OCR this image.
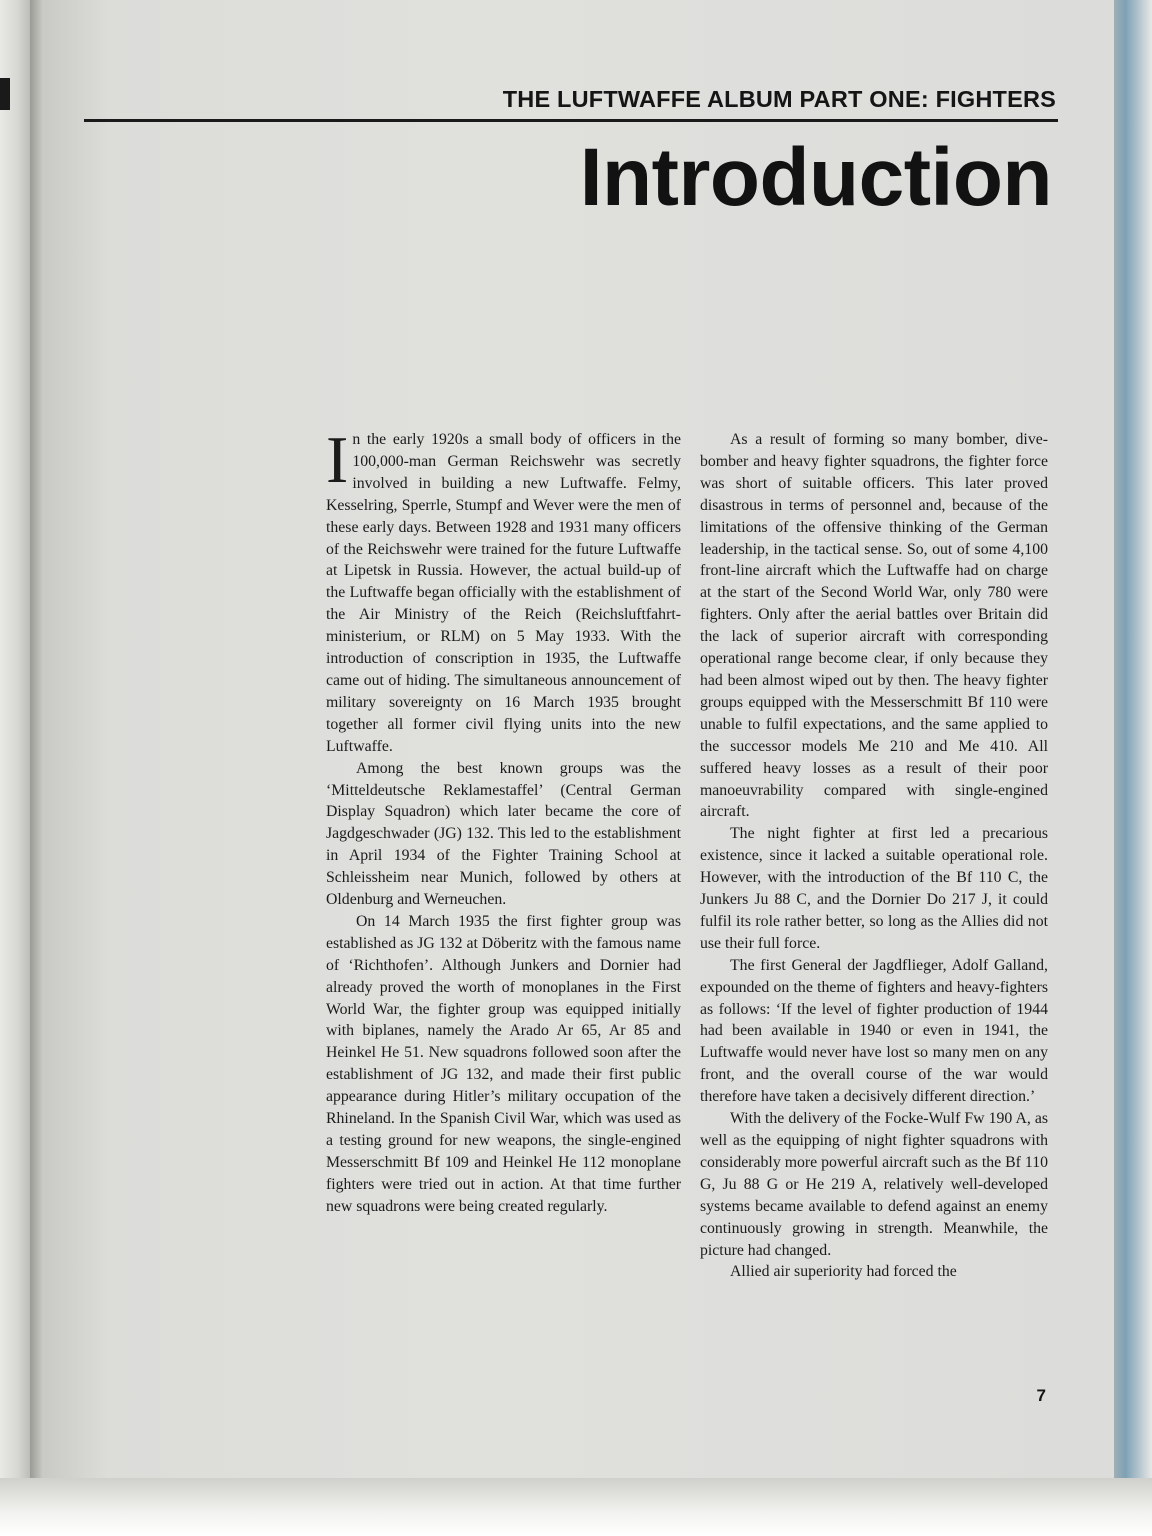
THE LUFTWAFFE ALBUM PART ONE: FIGHTERS
Introduction

In the early 1920s a small body of officers in the 100,000-man German Reichswehr was secretly involved in building a new Luftwaffe. Felmy, Kesselring, Sperrle, Stumpf and Wever were the men of these early days. Between 1928 and 1931 many officers of the Reichswehr were trained for the future Luftwaffe at Lipetsk in Russia. However, the actual build-up of the Luftwaffe began officially with the establishment of the Air Ministry of the Reich (Reichsluftfahrt-ministerium, or RLM) on 5 May 1933. With the introduction of conscription in 1935, the Luftwaffe came out of hiding. The simultaneous announcement of military sovereignty on 16 March 1935 brought together all former civil flying units into the new Luftwaffe.

Among the best known groups was the ‘Mitteldeutsche Reklamestaffel’ (Central German Display Squadron) which later became the core of Jagdgeschwader (JG) 132. This led to the establishment in April 1934 of the Fighter Training School at Schleissheim near Munich, followed by others at Oldenburg and Werneuchen.

On 14 March 1935 the first fighter group was established as JG 132 at Döberitz with the famous name of ‘Richthofen’. Although Junkers and Dornier had already proved the worth of monoplanes in the First World War, the fighter group was equipped initially with biplanes, namely the Arado Ar 65, Ar 85 and Heinkel He 51. New squadrons followed soon after the establishment of JG 132, and made their first public appearance during Hitler’s military occupation of the Rhineland. In the Spanish Civil War, which was used as a testing ground for new weapons, the single-engined Messerschmitt Bf 109 and Heinkel He 112 monoplane fighters were tried out in action. At that time further new squadrons were being created regularly.

As a result of forming so many bomber, dive-bomber and heavy fighter squadrons, the fighter force was short of suitable officers. This later proved disastrous in terms of personnel and, because of the limitations of the offensive thinking of the German leadership, in the tactical sense. So, out of some 4,100 front-line aircraft which the Luftwaffe had on charge at the start of the Second World War, only 780 were fighters. Only after the aerial battles over Britain did the lack of superior aircraft with corresponding operational range become clear, if only because they had been almost wiped out by then. The heavy fighter groups equipped with the Messerschmitt Bf 110 were unable to fulfil expectations, and the same applied to the successor models Me 210 and Me 410. All suffered heavy losses as a result of their poor manoeuvrability compared with single-engined aircraft.

The night fighter at first led a precarious existence, since it lacked a suitable operational role. However, with the introduction of the Bf 110 C, the Junkers Ju 88 C, and the Dornier Do 217 J, it could fulfil its role rather better, so long as the Allies did not use their full force.

The first General der Jagdflieger, Adolf Galland, expounded on the theme of fighters and heavy-fighters as follows: ‘If the level of fighter production of 1944 had been available in 1940 or even in 1941, the Luftwaffe would never have lost so many men on any front, and the overall course of the war would therefore have taken a decisively different direction.’

With the delivery of the Focke-Wulf Fw 190 A, as well as the equipping of night fighter squadrons with considerably more powerful aircraft such as the Bf 110 G, Ju 88 G or He 219 A, relatively well-developed systems became available to defend against an enemy continuously growing in strength. Meanwhile, the picture had changed.

Allied air superiority had forced the

7
